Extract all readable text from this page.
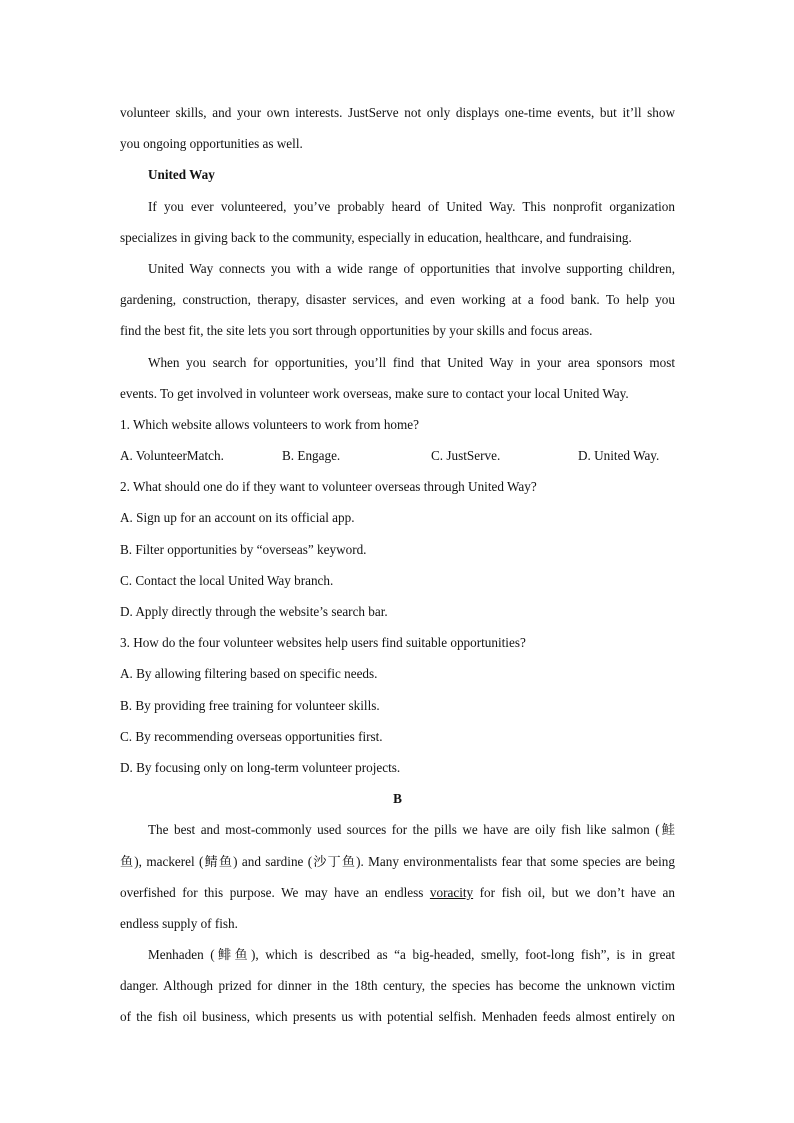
volunteer skills, and your own interests. JustServe not only displays one-time events, but it’ll show
you ongoing opportunities as well.
United Way
If you ever volunteered, you’ve probably heard of United Way. This nonprofit organization
specializes in giving back to the community, especially in education, healthcare, and fundraising.
United Way connects you with a wide range of opportunities that involve supporting children,
gardening, construction, therapy, disaster services, and even working at a food bank. To help you
find the best fit, the site lets you sort through opportunities by your skills and focus areas.
When you search for opportunities, you’ll find that United Way in your area sponsors most
events. To get involved in volunteer work overseas, make sure to contact your local United Way.
1. Which website allows volunteers to work from home?
A. VolunteerMatch.	B. Engage.	C. JustServe.	D. United Way.
2. What should one do if they want to volunteer overseas through United Way?
A. Sign up for an account on its official app.
B. Filter opportunities by “overseas” keyword.
C. Contact the local United Way branch.
D. Apply directly through the website’s search bar.
3. How do the four volunteer websites help users find suitable opportunities?
A. By allowing filtering based on specific needs.
B. By providing free training for volunteer skills.
C. By recommending overseas opportunities first.
D. By focusing only on long-term volunteer projects.
B
The best and most-commonly used sources for the pills we have are oily fish like salmon (鲑
鱼), mackerel (鲭鱼) and sardine (沙丁鱼). Many environmentalists fear that some species are being
overfished for this purpose. We may have an endless voracity for fish oil, but we don’t have an
endless supply of fish.
Menhaden (鲱鱼), which is described as “a big-headed, smelly, foot-long fish”, is in great
danger. Although prized for dinner in the 18th century, the species has become the unknown victim
of the fish oil business, which presents us with potential selfish. Menhaden feeds almost entirely on
